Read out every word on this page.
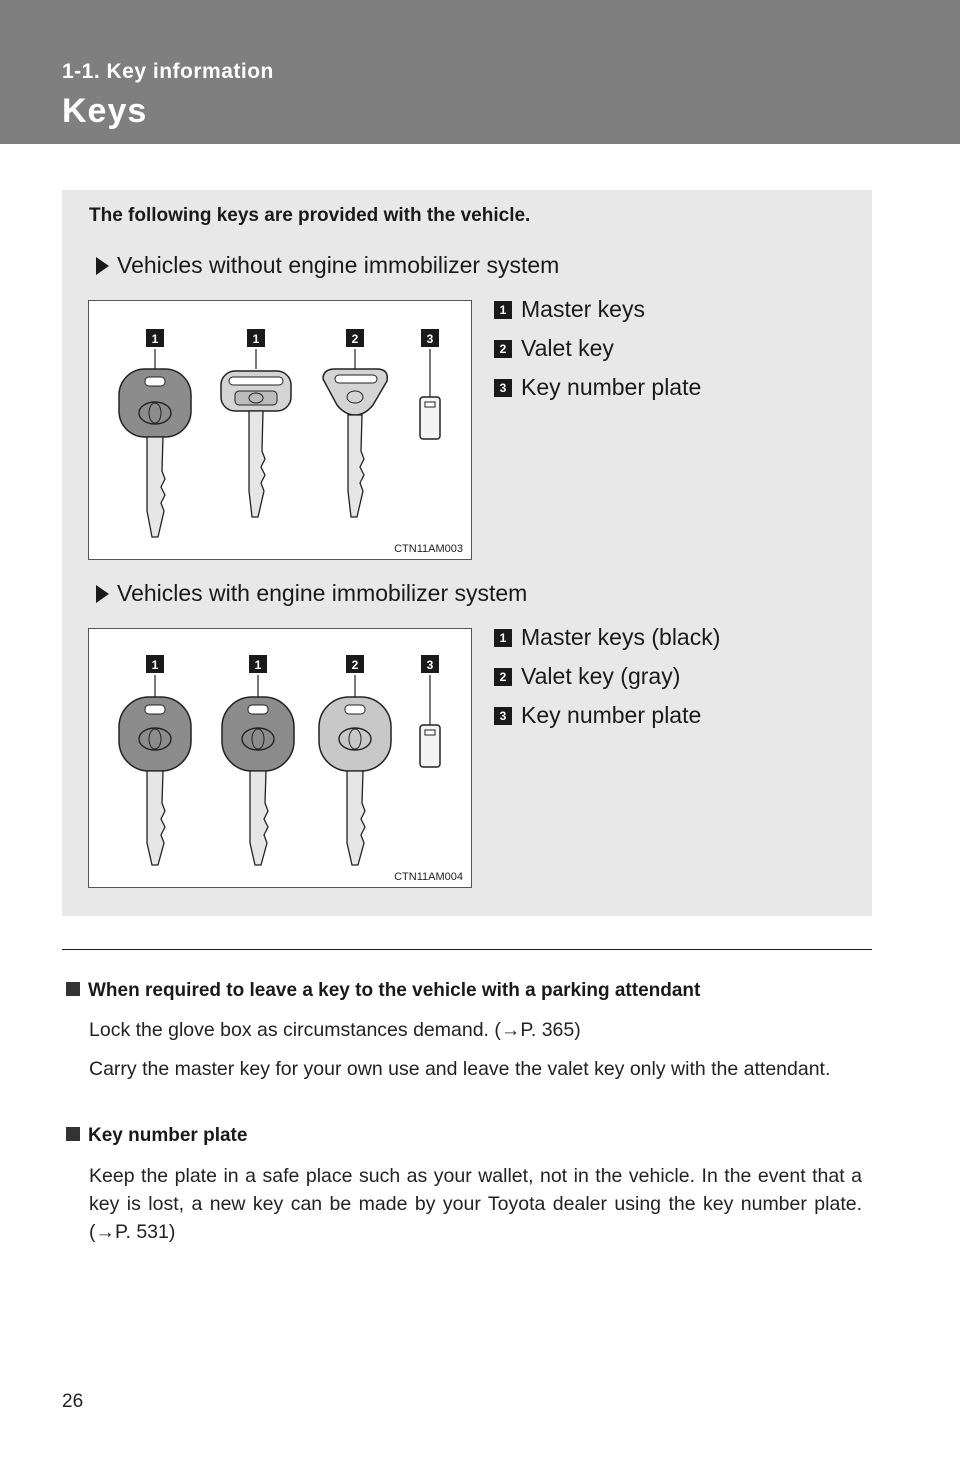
1-1. Key information
Keys
The following keys are provided with the vehicle.
Vehicles without engine immobilizer system
1	1	2	3
CTN11AM003
1 Master keys
2 Valet key
3 Key number plate
Vehicles with engine immobilizer system
1	1	2	3
CTN11AM004
1 Master keys (black)
2 Valet key (gray)
3 Key number plate
When required to leave a key to the vehicle with a parking attendant
Lock the glove box as circumstances demand. (→P. 365)
Carry the master key for your own use and leave the valet key only with the attendant.
Key number plate
Keep the plate in a safe place such as your wallet, not in the vehicle. In the event that a key is lost, a new key can be made by your Toyota dealer using the key number plate. (→P. 531)
26
